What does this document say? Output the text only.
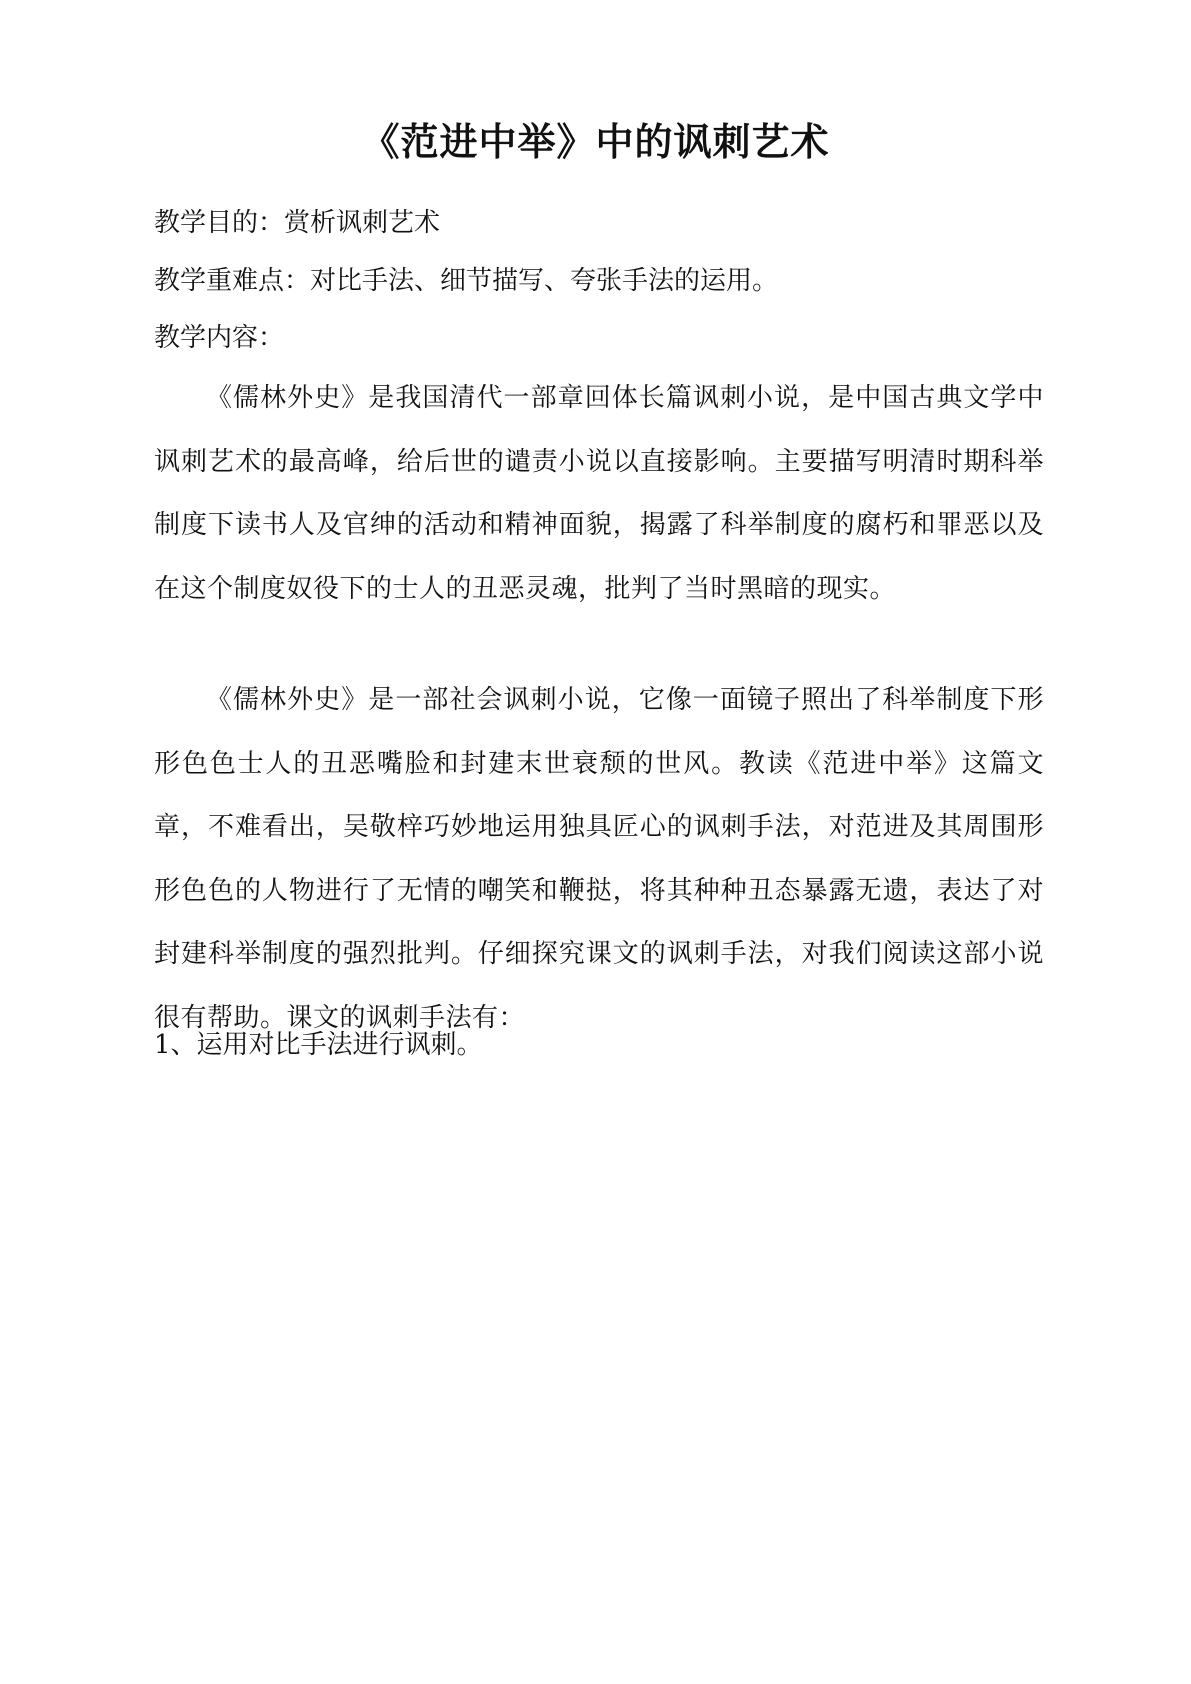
《范进中举》中的讽刺艺术
教学目的：赏析讽刺艺术
教学重难点：对比手法、细节描写、夸张手法的运用。
教学内容：
《儒林外史》是我国清代一部章回体长篇讽刺小说，是中国古典文学中讽刺艺术的最高峰，给后世的谴责小说以直接影响。主要描写明清时期科举制度下读书人及官绅的活动和精神面貌，揭露了科举制度的腐朽和罪恶以及在这个制度奴役下的士人的丑恶灵魂，批判了当时黑暗的现实。
《儒林外史》是一部社会讽刺小说，它像一面镜子照出了科举制度下形形色色士人的丑恶嘴脸和封建末世衰颓的世风。教读《范进中举》这篇文章，不难看出，吴敬梓巧妙地运用独具匠心的讽刺手法，对范进及其周围形形色色的人物进行了无情的嘲笑和鞭挞，将其种种丑态暴露无遗，表达了对封建科举制度的强烈批判。仔细探究课文的讽刺手法，对我们阅读这部小说很有帮助。课文的讽刺手法有：
1、运用对比手法进行讽刺。
